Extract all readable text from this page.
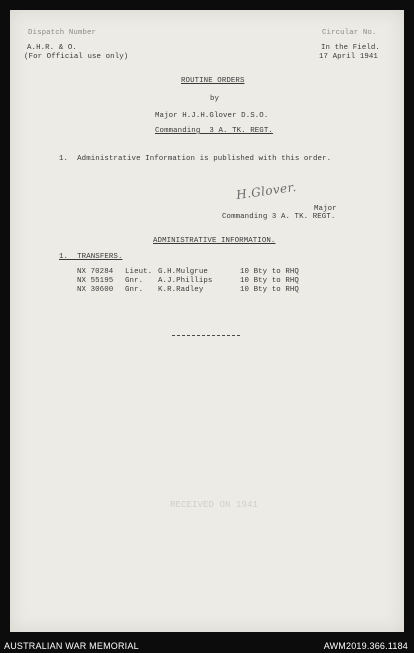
Dispatch Number	Circular No.
A.H.R. & O.
(For Official use only)
In the Field.
17 April 1941
ROUTINE ORDERS
by
Major H.J.H.Glover D.S.O.
Commanding  3 A. TK. REGT.
1.  Administrative Information is published with this order.
H.Glover.
Major
Commanding 3 A. TK. REGT.
ADMINISTRATIVE INFORMATION.
1.  TRANSFERS.
NX 70284 Lieut. G.H.Mulgrue	10 Bty to RHQ
NX 55195 Gnr. A.J.Phillips	10 Bty to RHQ
NX 30600 Gnr. K.R.Radley	10 Bty to RHQ
RECEIVED ON 1941
AUSTRALIAN WAR MEMORIAL	AWM2019.366.1184
